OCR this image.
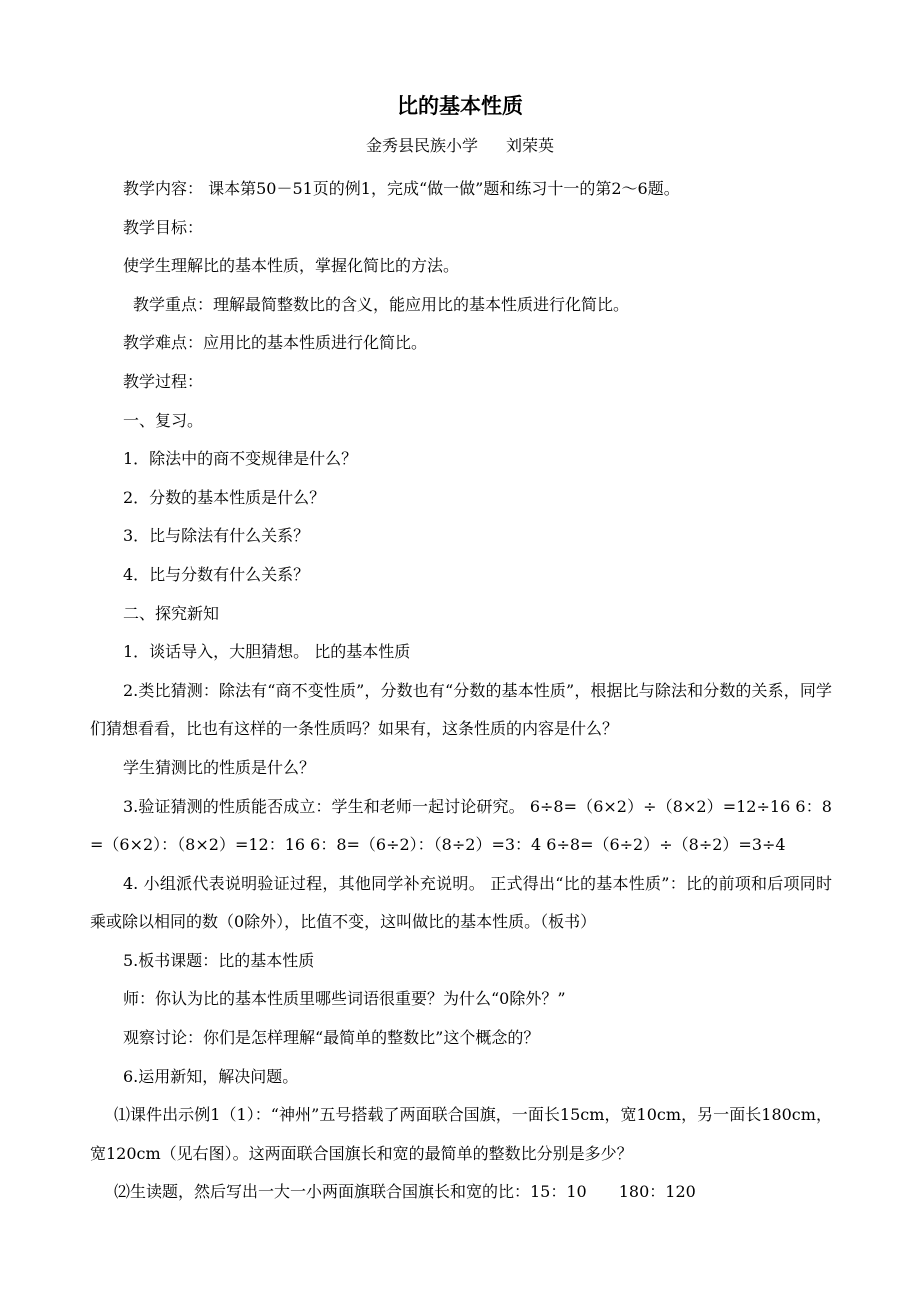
比的基本性质
金秀县民族小学 刘荣英

教学内容： 课本第50－51页的例1，完成“做一做”题和练习十一的第2～6题。

教学目标：

使学生理解比的基本性质，掌握化简比的方法。

教学重点：理解最简整数比的含义，能应用比的基本性质进行化简比。

教学难点：应用比的基本性质进行化简比。

教学过程：

一、复习。

1．除法中的商不变规律是什么？

2．分数的基本性质是什么？

3．比与除法有什么关系？

4．比与分数有什么关系？

二、探究新知

1．谈话导入，大胆猜想。 比的基本性质

2.类比猜测：除法有“商不变性质”，分数也有“分数的基本性质”，根据比与除法和分数的关系，同学们猜想看看，比也有这样的一条性质吗？如果有，这条性质的内容是什么？

学生猜测比的性质是什么？

3.验证猜测的性质能否成立：学生和老师一起讨论研究。 6÷8=（6×2）÷（8×2）=12÷16 6：8=（6×2）：（8×2）=12：16 6：8=（6÷2）：（8÷2）=3：4 6÷8=（6÷2）÷（8÷2）=3÷4

4. 小组派代表说明验证过程，其他同学补充说明。 正式得出“比的基本性质”：比的前项和后项同时乘或除以相同的数（0除外），比值不变，这叫做比的基本性质。（板书）

5.板书课题：比的基本性质

师：你认为比的基本性质里哪些词语很重要？为什么“0除外？”

观察讨论：你们是怎样理解“最简单的整数比”这个概念的？

6.运用新知，解决问题。

⑴课件出示例1（1）：“神州”五号搭载了两面联合国旗，一面长15cm，宽10cm，另一面长180cm，宽120cm（见右图）。这两面联合国旗长和宽的最简单的整数比分别是多少？

⑵生读题，然后写出一大一小两面旗联合国旗长和宽的比：15：10　　180：120
